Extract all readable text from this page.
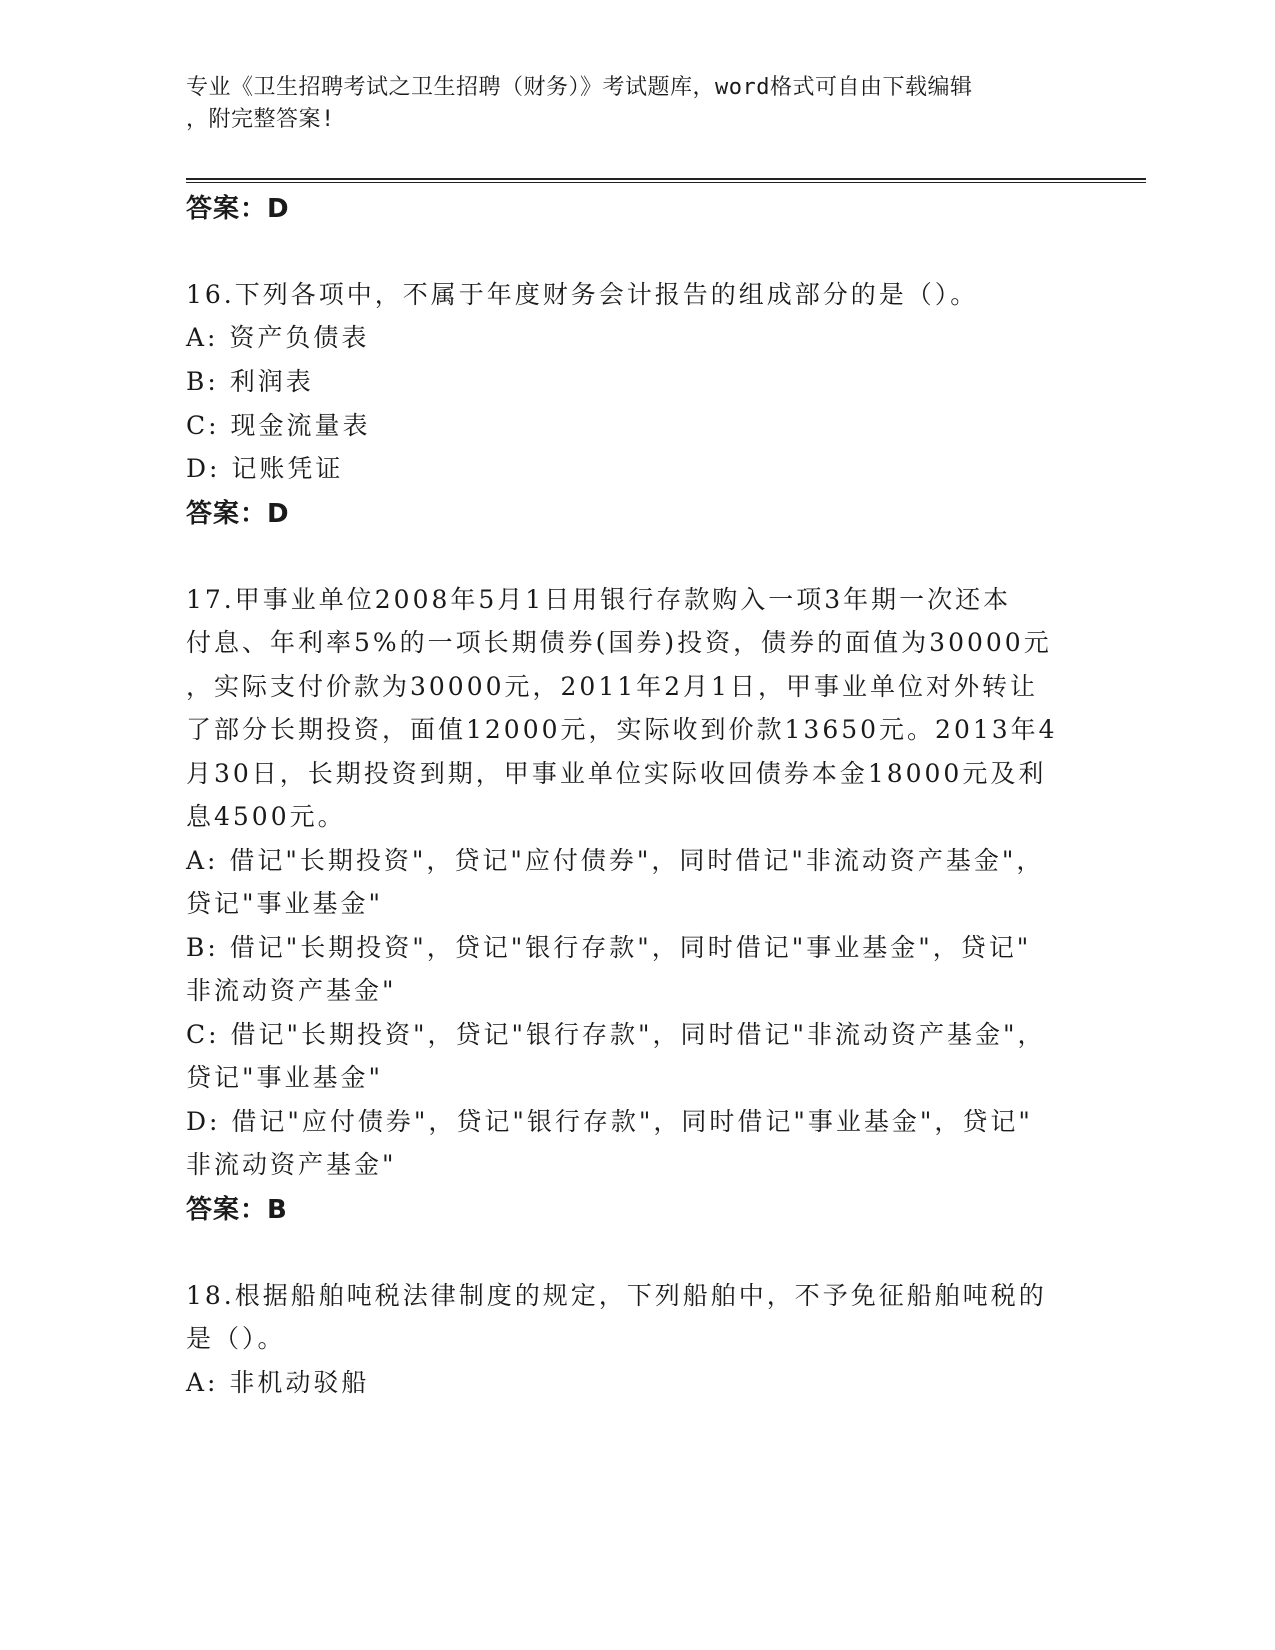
专业《卫生招聘考试之卫生招聘（财务）》考试题库，word格式可自由下载编辑
，附完整答案!
答案：D
16.下列各项中，不属于年度财务会计报告的组成部分的是（）。
A: 资产负债表
B: 利润表
C: 现金流量表
D: 记账凭证
答案：D
17.甲事业单位2008年5月1日用银行存款购入一项3年期一次还本
付息、年利率5%的一项长期债券(国券)投资，债券的面值为30000元
，实际支付价款为30000元，2011年2月1日，甲事业单位对外转让
了部分长期投资，面值12000元，实际收到价款13650元。2013年4
月30日，长期投资到期，甲事业单位实际收回债券本金18000元及利
息4500元。
A: 借记"长期投资"，贷记"应付债券"，同时借记"非流动资产基金"，
贷记"事业基金"
B: 借记"长期投资"，贷记"银行存款"，同时借记"事业基金"，贷记"
非流动资产基金"
C: 借记"长期投资"，贷记"银行存款"，同时借记"非流动资产基金"，
贷记"事业基金"
D: 借记"应付债券"，贷记"银行存款"，同时借记"事业基金"，贷记"
非流动资产基金"
答案：B
18.根据船舶吨税法律制度的规定，下列船舶中，不予免征船舶吨税的
是（）。
A: 非机动驳船
